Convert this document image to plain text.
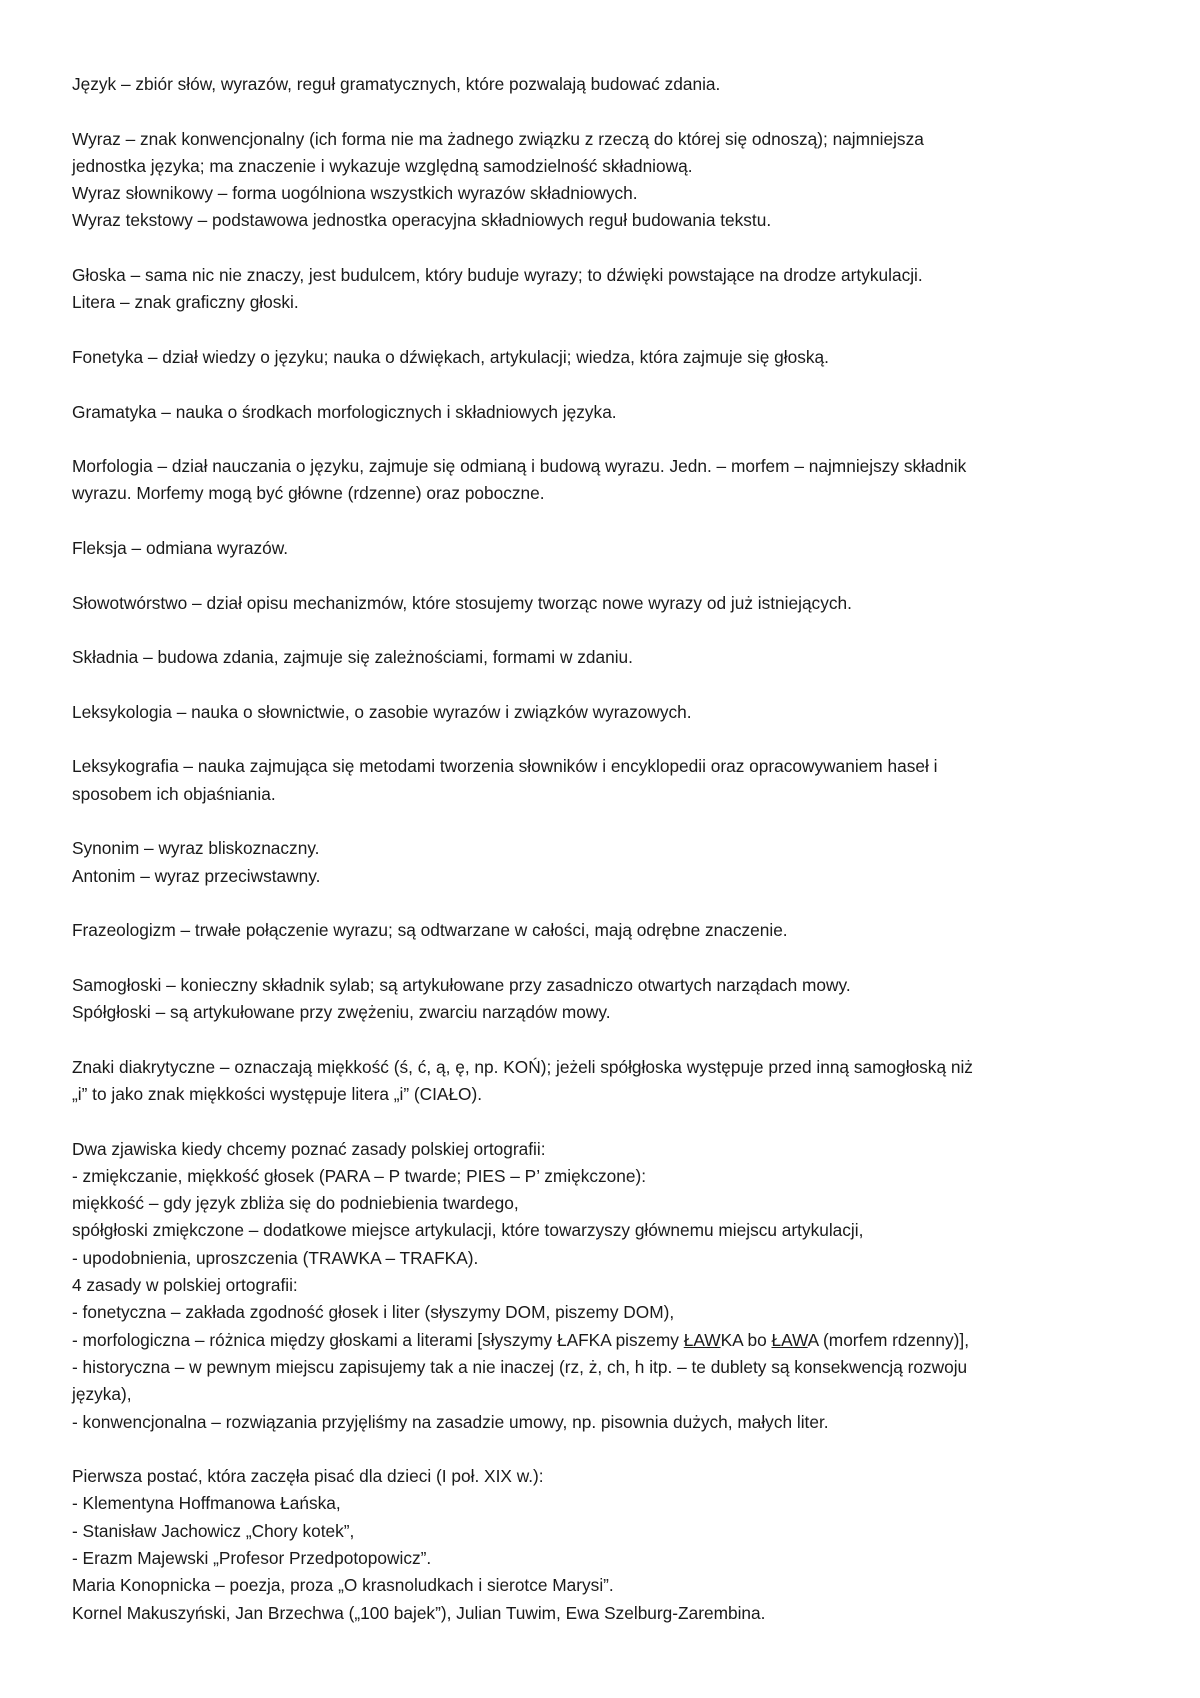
Język – zbiór słów, wyrazów, reguł gramatycznych, które pozwalają budować zdania.
Wyraz – znak konwencjonalny (ich forma nie ma żadnego związku z rzeczą do której się odnoszą); najmniejsza
jednostka języka; ma znaczenie i wykazuje względną samodzielność składniową.
Wyraz słownikowy – forma uogólniona wszystkich wyrazów składniowych.
Wyraz tekstowy – podstawowa jednostka operacyjna składniowych reguł budowania tekstu.
Głoska – sama nic nie znaczy, jest budulcem, który buduje wyrazy; to dźwięki powstające na drodze artykulacji.
Litera – znak graficzny głoski.
Fonetyka – dział wiedzy o języku; nauka o dźwiękach, artykulacji; wiedza, która zajmuje się głoską.
Gramatyka – nauka o środkach morfologicznych i składniowych języka.
Morfologia – dział nauczania o języku, zajmuje się odmianą i budową wyrazu. Jedn. – morfem – najmniejszy składnik
wyrazu. Morfemy mogą być główne (rdzenne) oraz poboczne.
Fleksja – odmiana wyrazów.
Słowotwórstwo – dział opisu mechanizmów, które stosujemy tworząc nowe wyrazy od już istniejących.
Składnia – budowa zdania, zajmuje się zależnościami, formami w zdaniu.
Leksykologia – nauka o słownictwie, o zasobie wyrazów i związków wyrazowych.
Leksykografia – nauka zajmująca się metodami tworzenia słowników i encyklopedii oraz opracowywaniem haseł i
sposobem ich objaśniania.
Synonim – wyraz bliskoznaczny.
Antonim – wyraz przeciwstawny.
Frazeologizm – trwałe połączenie wyrazu; są odtwarzane w całości, mają odrębne znaczenie.
Samogłoski – konieczny składnik sylab; są artykułowane przy zasadniczo otwartych narządach mowy.
Spółgłoski – są artykułowane przy zwężeniu, zwarciu narządów mowy.
Znaki diakrytyczne – oznaczają miękkość (ś, ć, ą, ę, np. KOŃ); jeżeli spółgłoska występuje przed inną samogłoską niż
„i” to jako znak miękkości występuje litera „i” (CIAŁO).
Dwa zjawiska kiedy chcemy poznać zasady polskiej ortografii:
- zmiękczanie, miękkość głosek (PARA – P twarde; PIES – P’ zmiękczone):
miękkość – gdy język zbliża się do podniebienia twardego,
spółgłoski zmiękczone – dodatkowe miejsce artykulacji, które towarzyszy głównemu miejscu artykulacji,
- upodobnienia, uproszczenia (TRAWKA – TRAFKA).
4 zasady w polskiej ortografii:
- fonetyczna – zakłada zgodność głosek i liter (słyszymy DOM, piszemy DOM),
- morfologiczna – różnica między głoskami a literami [słyszymy ŁAFKA piszemy ŁAWKA bo ŁAWA (morfem rdzenny)],
- historyczna – w pewnym miejscu zapisujemy tak a nie inaczej (rz, ż, ch, h itp. – te dublety są konsekwencją rozwoju
języka),
- konwencjonalna – rozwiązania przyjęliśmy na zasadzie umowy, np. pisownia dużych, małych liter.
Pierwsza postać, która zaczęła pisać dla dzieci (I poł. XIX w.):
- Klementyna Hoffmanowa Łańska,
- Stanisław Jachowicz „Chory kotek”,
- Erazm Majewski „Profesor Przedpotopowicz”.
Maria Konopnicka – poezja, proza „O krasnoludkach i sierotce Marysi”.
Kornel Makuszyński, Jan Brzechwa („100 bajek”), Julian Tuwim, Ewa Szelburg-Zarembina.
